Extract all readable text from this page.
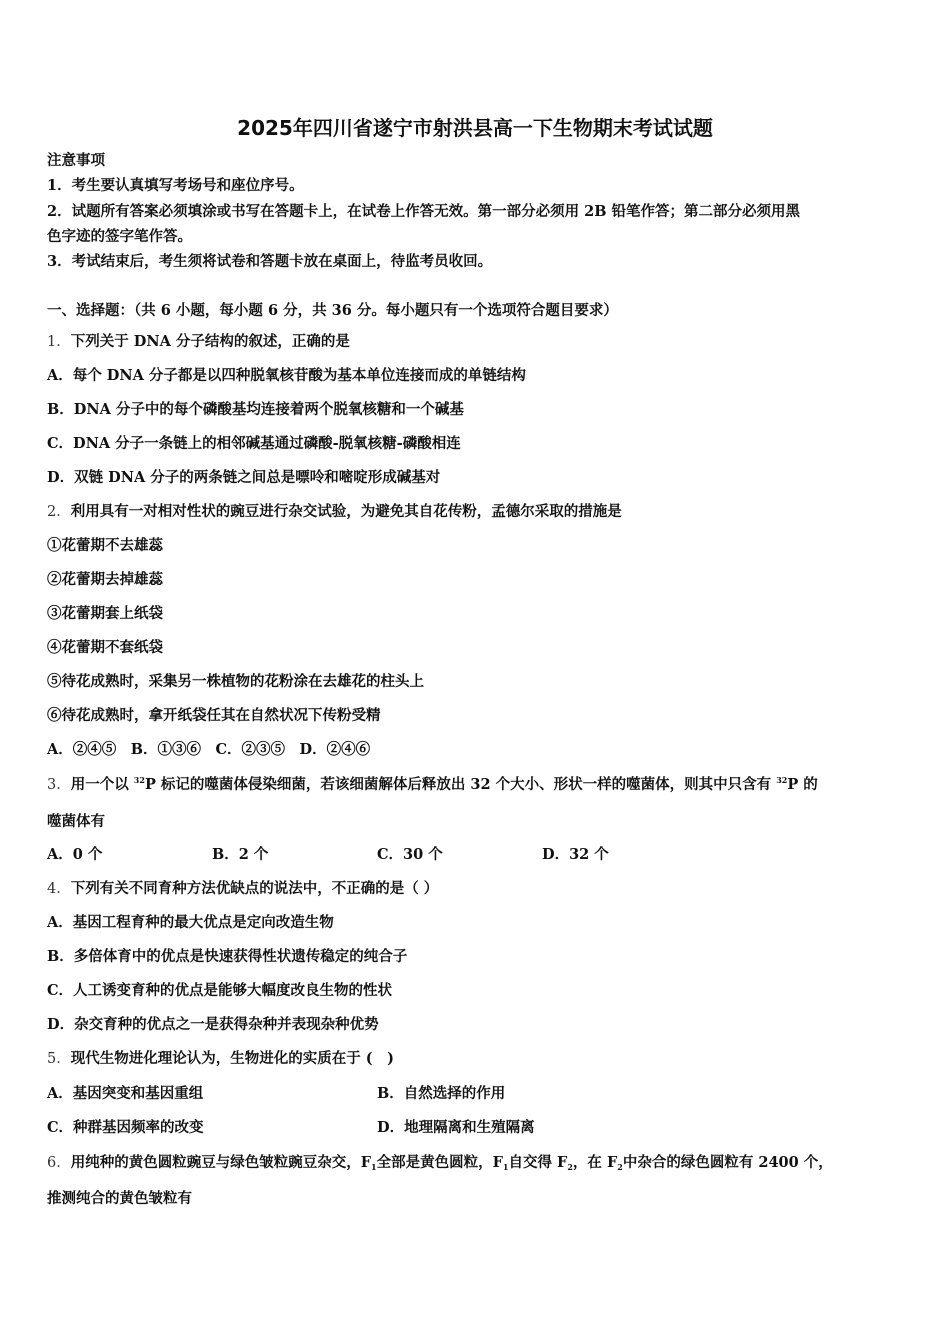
2025年四川省遂宁市射洪县高一下生物期末考试试题
注意事项
1．考生要认真填写考场号和座位序号。
2．试题所有答案必须填涂或书写在答题卡上，在试卷上作答无效。第一部分必须用 2B 铅笔作答；第二部分必须用黑
色字迹的签字笔作答。
3．考试结束后，考生须将试卷和答题卡放在桌面上，待监考员收回。
一、选择题：（共 6 小题，每小题 6 分，共 36 分。每小题只有一个选项符合题目要求）
1．下列关于 DNA 分子结构的叙述，正确的是
A．每个 DNA 分子都是以四种脱氧核苷酸为基本单位连接而成的单链结构
B．DNA 分子中的每个磷酸基均连接着两个脱氧核糖和一个碱基
C．DNA 分子一条链上的相邻碱基通过磷酸-脱氧核糖-磷酸相连
D．双链 DNA 分子的两条链之间总是嘌呤和嘧啶形成碱基对
2．利用具有一对相对性状的豌豆进行杂交试验，为避免其自花传粉，孟德尔采取的措施是
①花蕾期不去雄蕊
②花蕾期去掉雄蕊
③花蕾期套上纸袋
④花蕾期不套纸袋
⑤待花成熟时，采集另一株植物的花粉涂在去雄花的柱头上
⑥待花成熟时，拿开纸袋任其在自然状况下传粉受精
A．②④⑤　B．①③⑥　C．②③⑤　D．②④⑥
3．用一个以 $^{32}$P 标记的噬菌体侵染细菌，若该细菌解体后释放出 32 个大小、形状一样的噬菌体，则其中只含有 $^{32}$P 的
噬菌体有
A．0 个	B．2 个	C．30 个	D．32 个
4．下列有关不同育种方法优缺点的说法中，不正确的是（ ）
A．基因工程育种的最大优点是定向改造生物
B．多倍体育中的优点是快速获得性状遗传稳定的纯合子
C．人工诱变育种的优点是能够大幅度改良生物的性状
D．杂交育种的优点之一是获得杂种并表现杂种优势
5．现代生物进化理论认为，生物进化的实质在于 (　)
A．基因突变和基因重组	B．自然选择的作用
C．种群基因频率的改变	D．地理隔离和生殖隔离
6．用纯种的黄色圆粒豌豆与绿色皱粒豌豆杂交，$F_1$全部是黄色圆粒，$F_1$自交得 $F_2$，在 $F_2$中杂合的绿色圆粒有 2400 个，
推测纯合的黄色皱粒有
